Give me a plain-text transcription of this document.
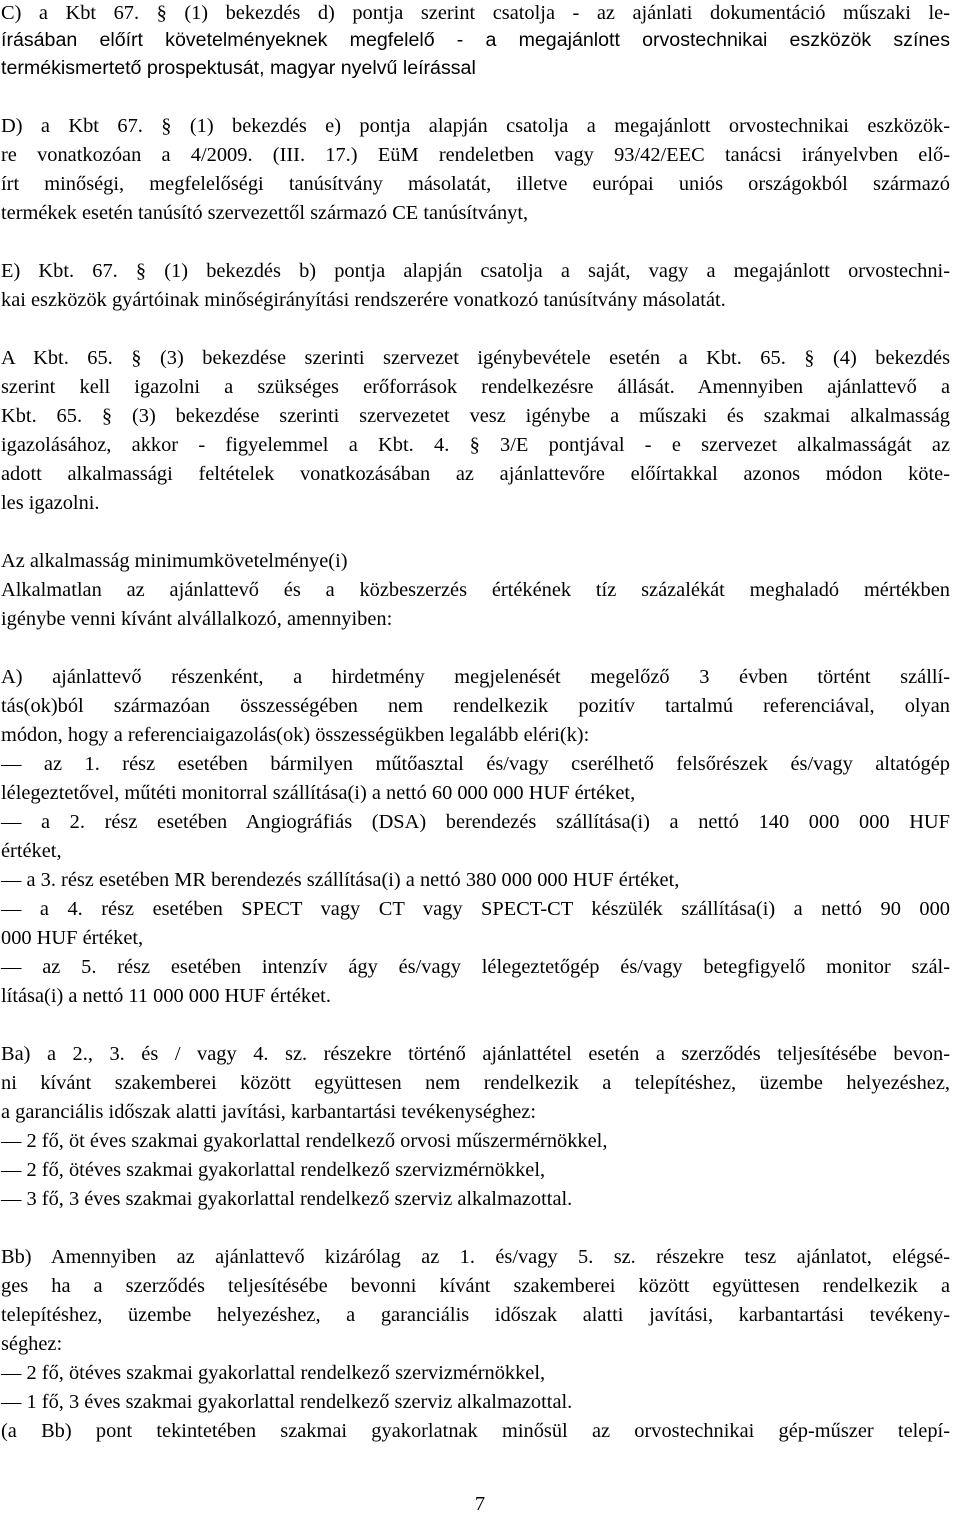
C) a Kbt 67. § (1) bekezdés d) pontja szerint csatolja - az ajánlati dokumentáció műszaki le-
írásában előírt követelményeknek megfelelő - a megajánlott orvostechnikai eszközök színes
termékismertető prospektusát, magyar nyelvű leírással
D) a Kbt 67. § (1) bekezdés e) pontja alapján csatolja a megajánlott orvostechnikai eszközök-
re vonatkozóan a 4/2009. (III. 17.) EüM rendeletben vagy 93/42/EEC tanácsi irányelvben elő-
írt minőségi, megfelelőségi tanúsítvány másolatát, illetve európai uniós országokból származó
termékek esetén tanúsító szervezettől származó CE tanúsítványt,
E) Kbt. 67. § (1) bekezdés b) pontja alapján csatolja a saját, vagy a megajánlott orvostechni-
kai eszközök gyártóinak minőségirányítási rendszerére vonatkozó tanúsítvány másolatát.
A Kbt. 65. § (3) bekezdése szerinti szervezet igénybevétele esetén a Kbt. 65. § (4) bekezdés
szerint kell igazolni a szükséges erőforrások rendelkezésre állását. Amennyiben ajánlattevő a
Kbt. 65. § (3) bekezdése szerinti szervezetet vesz igénybe a műszaki és szakmai alkalmasság
igazolásához, akkor - figyelemmel a Kbt. 4. § 3/E pontjával - e szervezet alkalmasságát az
adott alkalmassági feltételek vonatkozásában az ajánlattevőre előírtakkal azonos módon köte-
les igazolni.
Az alkalmasság minimumkövetelménye(i)
Alkalmatlan az ajánlattevő és a közbeszerzés értékének tíz százalékát meghaladó mértékben
igénybe venni kívánt alvállalkozó, amennyiben:
A) ajánlattevő részenként, a hirdetmény megjelenését megelőző 3 évben történt szállí-
tás(ok)ból származóan összességében nem rendelkezik pozitív tartalmú referenciával, olyan
módon, hogy a referenciaigazolás(ok) összességükben legalább eléri(k):
— az 1. rész esetében bármilyen műtőasztal és/vagy cserélhető felsőrészek és/vagy altatógép
lélegeztetővel, műtéti monitorral szállítása(i) a nettó 60 000 000 HUF értéket,
— a 2. rész esetében Angiográfiás (DSA) berendezés szállítása(i) a nettó 140 000 000 HUF
értéket,
— a 3. rész esetében MR berendezés szállítása(i) a nettó 380 000 000 HUF értéket,
— a 4. rész esetében SPECT vagy CT vagy SPECT-CT készülék szállítása(i) a nettó 90 000
000 HUF értéket,
— az 5. rész esetében intenzív ágy és/vagy lélegeztetőgép és/vagy betegfigyelő monitor szál-
lítása(i) a nettó 11 000 000 HUF értéket.
Ba) a 2., 3. és / vagy 4. sz. részekre történő ajánlattétel esetén a szerződés teljesítésébe bevon-
ni kívánt szakemberei között együttesen nem rendelkezik a telepítéshez, üzembe helyezéshez,
a garanciális időszak alatti javítási, karbantartási tevékenységhez:
— 2 fő, öt éves szakmai gyakorlattal rendelkező orvosi műszermérnökkel,
— 2 fő, ötéves szakmai gyakorlattal rendelkező szervizmérnökkel,
— 3 fő, 3 éves szakmai gyakorlattal rendelkező szerviz alkalmazottal.
Bb) Amennyiben az ajánlattevő kizárólag az 1. és/vagy 5. sz. részekre tesz ajánlatot, elégsé-
ges ha a szerződés teljesítésébe bevonni kívánt szakemberei között együttesen rendelkezik a
telepítéshez, üzembe helyezéshez, a garanciális időszak alatti javítási, karbantartási tevékeny-
séghez:
— 2 fő, ötéves szakmai gyakorlattal rendelkező szervizmérnökkel,
— 1 fő, 3 éves szakmai gyakorlattal rendelkező szerviz alkalmazottal.
(a Bb) pont tekintetében szakmai gyakorlatnak minősül az orvostechnikai gép-műszer telepí-
7
